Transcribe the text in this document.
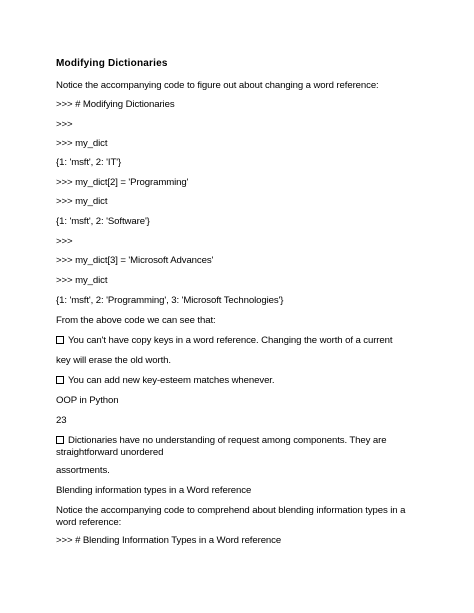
Modifying Dictionaries

Notice the accompanying code to figure out about changing a word reference:

>>> # Modifying Dictionaries

>>>

>>> my_dict

{1: 'msft', 2: 'IT'}

>>> my_dict[2] = 'Programming'

>>> my_dict

{1: 'msft', 2: 'Software'}

>>>

>>> my_dict[3] = 'Microsoft Advances'

>>> my_dict

{1: 'msft', 2: 'Programming', 3: 'Microsoft Technologies'}

From the above code we can see that:

You can't have copy keys in a word reference. Changing the worth of a current

key will erase the old worth.

You can add new key-esteem matches whenever.

OOP in Python

23

Dictionaries have no understanding of request among components. They are straightforward unordered

assortments.

Blending information types in a Word reference

Notice the accompanying code to comprehend about blending information types in a word reference:

>>> # Blending Information Types in a Word reference
